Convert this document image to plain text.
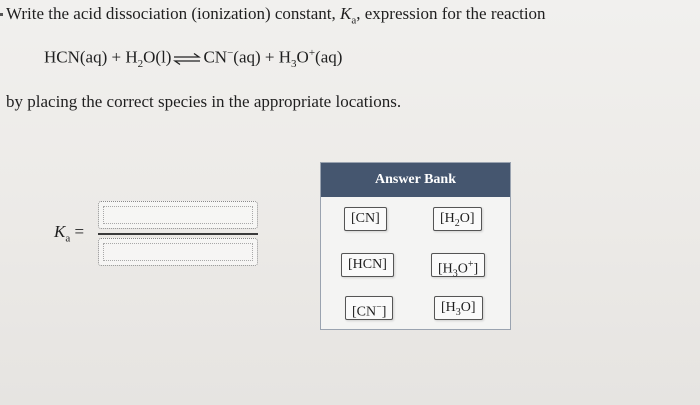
Write the acid dissociation (ionization) constant, $K_a$, expression for the reaction
$HCN(aq) + H_2O(l)$ ⇌ $CN^-(aq) + H_3O^+(aq)$
by placing the correct species in the appropriate locations.
$K_a$ =
Answer Bank
[CN]	$[H_2O]$
[HCN]	$[H_3O^+]$
[CN−]	$[H_3O]$
